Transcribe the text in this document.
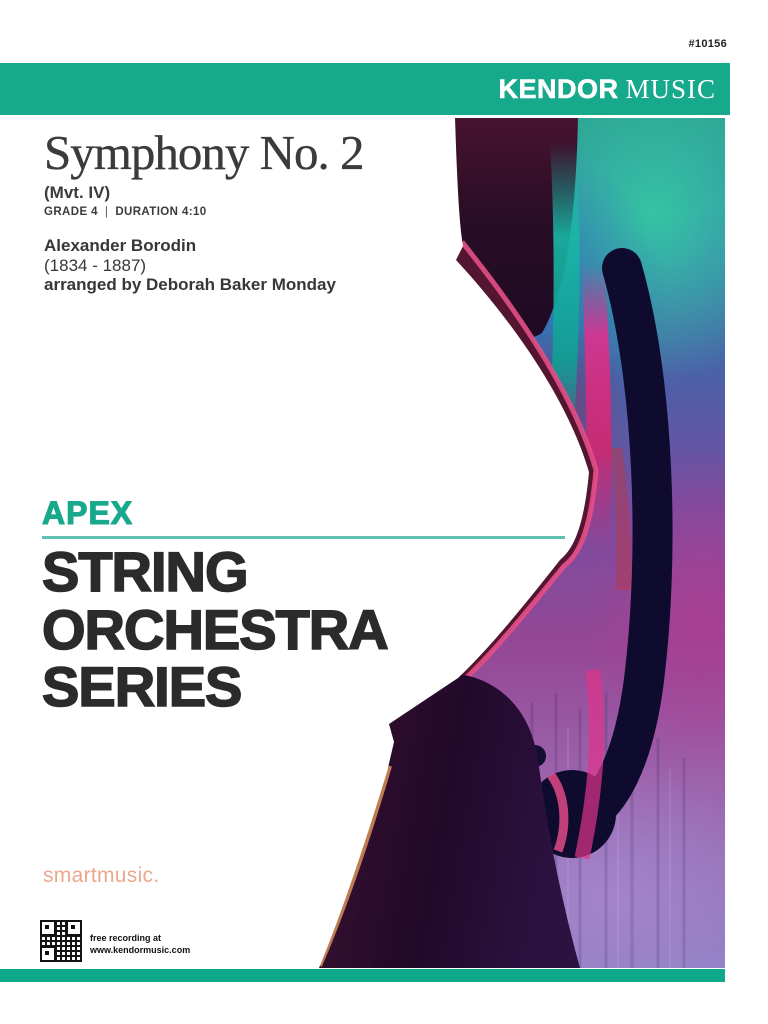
#10156
KENDOR MUSIC
Symphony No. 2
(Mvt. IV)
GRADE 4 | DURATION 4:10
Alexander Borodin
(1834 - 1887)
arranged by Deborah Baker Monday
APEX
STRING
ORCHESTRA
SERIES
smartmusic.
free recording at
www.kendormusic.com
